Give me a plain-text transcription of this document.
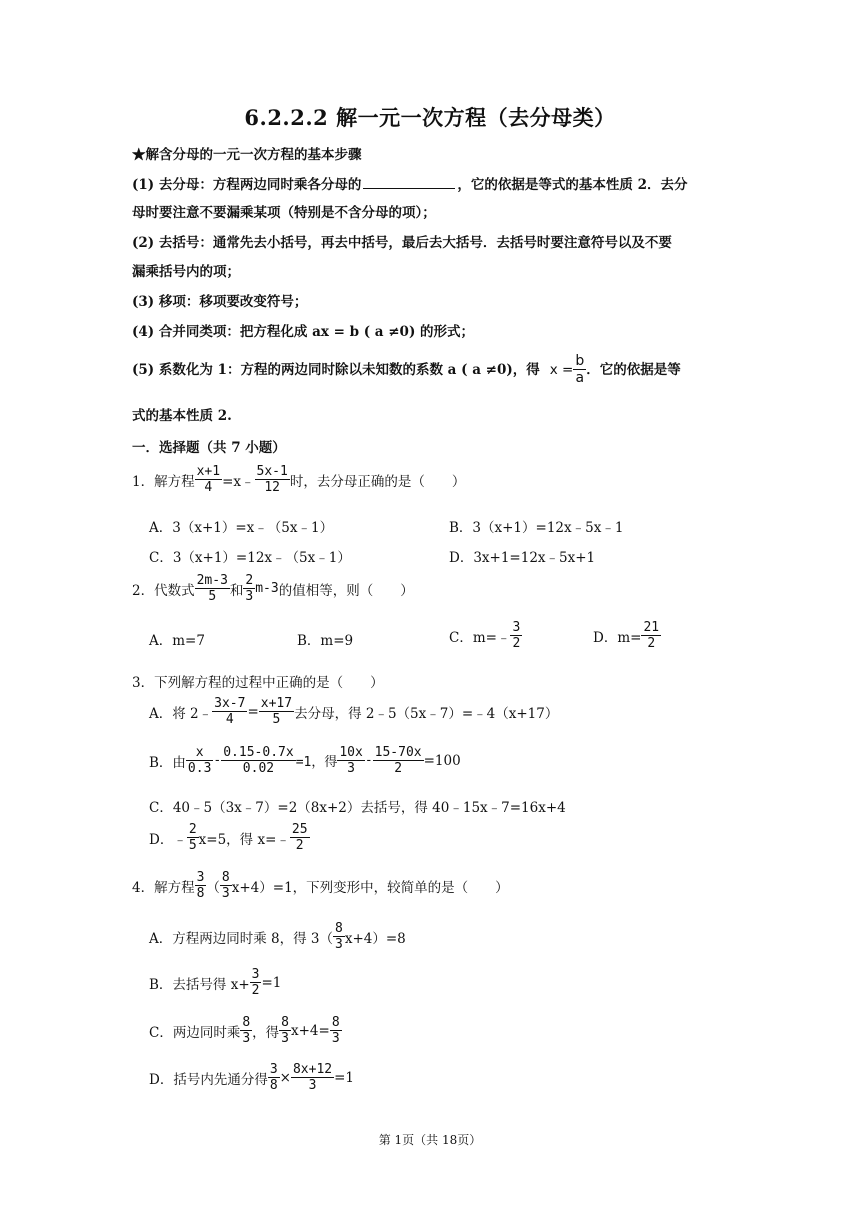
6.2.2.2 解一元一次方程（去分母类）
★解含分母的一元一次方程的基本步骤
(1) 去分母：方程两边同时乘各分母的	，它的依据是等式的基本性质 2．去分
母时要注意不要漏乘某项（特别是不含分母的项）；
(2) 去括号：通常先去小括号，再去中括号，最后去大括号．去括号时要注意符号以及不要
漏乘括号内的项；
(3) 移项：移项要改变符号；
(4) 合并同类项：把方程化成 ax = b ( a ≠0) 的形式；
(5) 系数化为 1：方程的两边同时除以未知数的系数 a ( a ≠0)，得 $x = \frac{b}{a}$ ．它的依据是等
式的基本性质 2.
一．选择题（共 7 小题）
1．解方程 $\frac{x+1}{4}$ =x﹣ $\frac{5x-1}{12}$ 时，去分母正确的是（　　）
A．3（x+1）=x﹣（5x﹣1）	B．3（x+1）=12x﹣5x﹣1
C．3（x+1）=12x﹣（5x﹣1）	D．3x+1=12x﹣5x+1
2．代数式 $\frac{2m-3}{5}$ 和 $\frac{2}{3} m-3$ 的值相等，则（　　）
A．m=7	B．m=9	C．m=﹣ $\frac{3}{2}$	D．$m= \frac{21}{2}$
3．下列解方程的过程中正确的是（　　）
A．将 2﹣ $\frac{3x-7}{4} = \frac{x+17}{5}$ 去分母，得 2﹣5（5x﹣7）=﹣4（x+17）
B．由 $\frac{x}{0.3} - \frac{0.15-0.7x}{0.02} =1$，得 $\frac{10x}{3} - \frac{15-70x}{2} =100$
C．40﹣5（3x﹣7）=2（8x+2）去括号，得 40﹣15x﹣7=16x+4
D．﹣ $\frac{2}{5} x=5$，得 x=﹣ $\frac{25}{2}$
4．解方程 $\frac{3}{8}$ （ $\frac{8}{3} x+4)=1$，下列变形中，较简单的是（　　）
A．方程两边同时乘 8，得 $3( \frac{8}{3} x+4)=8$
B．去括号得 $x+ \frac{3}{2} =1$
C．两边同时乘 $\frac{8}{3}$ ，得 $\frac{8}{3} x+4= \frac{8}{3}$
D．括号内先通分得 $\frac{3}{8} \times \frac{8x+12}{3} =1$
第 1页（共 18页）
